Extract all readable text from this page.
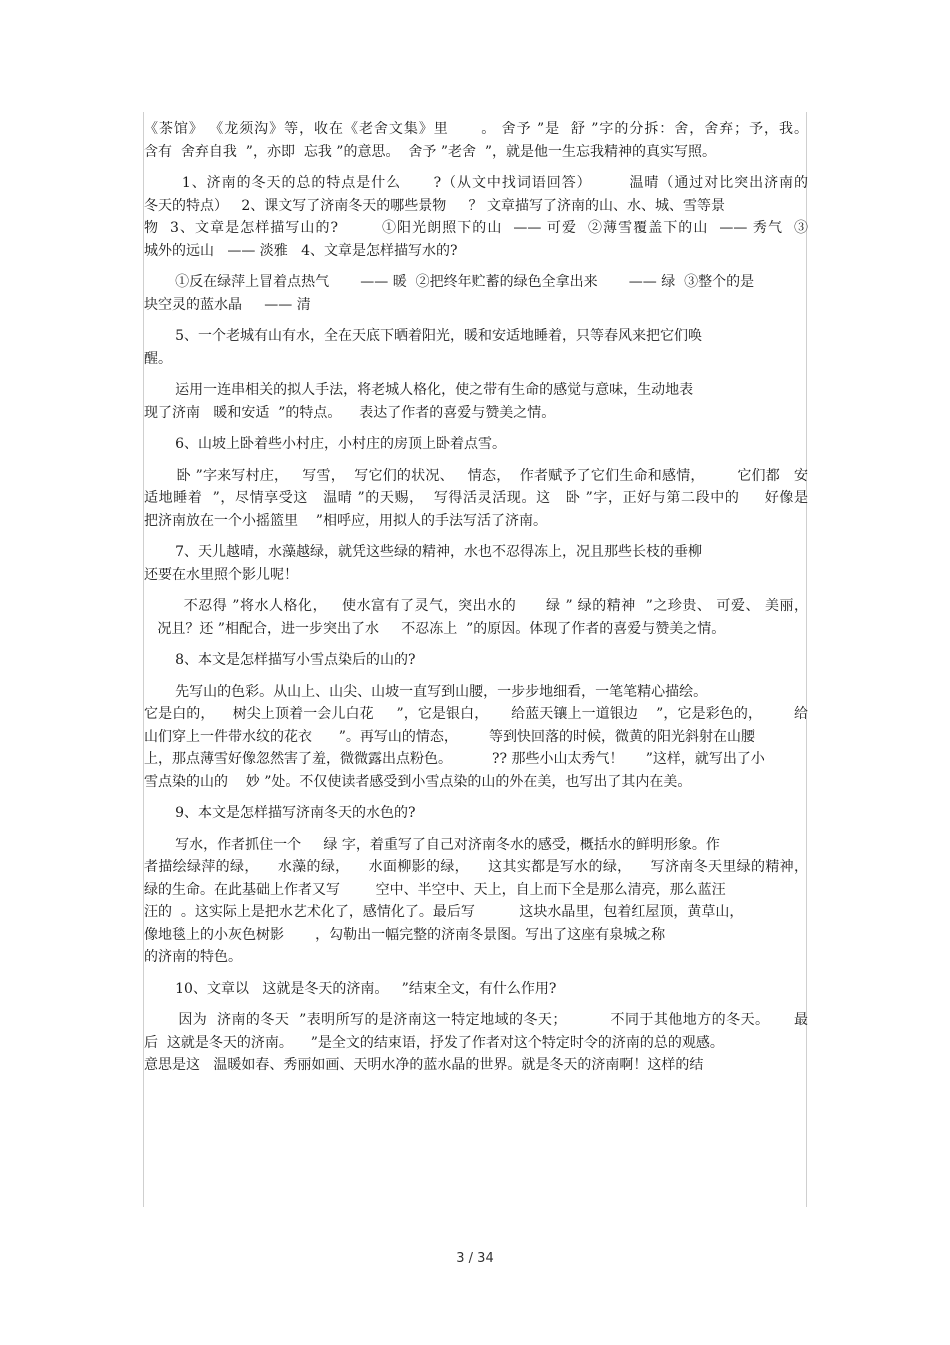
《茶馆》 《龙须沟》等，收在《老舍文集》里      。 舍予 ”是  舒 ”字的分拆：舍，舍弃；予，我。
含有  舍弃自我  ”，亦即  忘我 ”的意思。  舍予 ”老舍  ”，就是他一生忘我精神的真实写照。
1、济南的冬天的总的特点是什么      ?（从文中找词语回答）       温晴（通过对比突出济南的
冬天的特点）   2、课文写了济南冬天的哪些景物     ？ 文章描写了济南的山、水、城、雪等景
物  3、文章是怎样描写山的?        ①阳光朗照下的山  —— 可爱  ②薄雪覆盖下的山  —— 秀气  ③
城外的远山   —— 淡雅   4、文章是怎样描写水的?
①反在绿萍上冒着点热气       —— 暖  ②把终年贮蓄的绿色全拿出来       —— 绿  ③整个的是
块空灵的蓝水晶     —— 清
5、一个老城有山有水，全在天底下晒着阳光，暖和安适地睡着，只等春风来把它们唤
醒。
运用一连串相关的拟人手法，将老城人格化，使之带有生命的感觉与意味，生动地表
现了济南   暖和安适  ”的特点。    表达了作者的喜爱与赞美之情。
6、山坡上卧着些小村庄，小村庄的房顶上卧着点雪。
卧 ”字来写村庄，   写雪，  写它们的状况、   情态，  作者赋予了它们生命和感情，       它们都   安
适地睡着  ”，尽情享受这   温晴 ”的天赐，  写得活灵活现。这   卧 ”字，正好与第二段中的     好像是
把济南放在一个小摇篮里    ”相呼应，用拟人的手法写活了济南。
7、天儿越晴，水藻越绿，就凭这些绿的精神，水也不忍得冻上，况且那些长枝的垂柳
还要在水里照个影儿呢！
不忍得 ”将水人格化，   使水富有了灵气，突出水的      绿 ” 绿的精神  ”之珍贵、 可爱、 美丽，
况且？还 ”相配合，进一步突出了水     不忍冻上  ”的原因。体现了作者的喜爱与赞美之情。
8、本文是怎样描写小雪点染后的山的?
先写山的色彩。从山上、山尖、山坡一直写到山腰，一步步地细看，一笔笔精心描绘。
它是白的，    树尖上顶着一会儿白花     ”，它是银白，     给蓝天镶上一道银边    ”，它是彩色的，       给
山们穿上一件带水纹的花衣      ”。再写山的情态，       等到快回落的时候，微黄的阳光斜射在山腰
上，那点薄雪好像忽然害了羞，微微露出点粉色。         ?? 那些小山太秀气！     ”这样，就写出了小
雪点染的山的    妙 ”处。不仅使读者感受到小雪点染的山的外在美，也写出了其内在美。
9、本文是怎样描写济南冬天的水色的?
写水，作者抓住一个     绿 字，着重写了自己对济南冬水的感受，概括水的鲜明形象。作
者描绘绿萍的绿，    水藻的绿，    水面柳影的绿，    这其实都是写水的绿，    写济南冬天里绿的精神，
绿的生命。在此基础上作者又写        空中、半空中、天上，自上而下全是那么清亮，那么蓝汪
汪的  。这实际上是把水艺术化了，感情化了。最后写          这块水晶里，包着红屋顶，黄草山，
像地毯上的小灰色树影       ，勾勒出一幅完整的济南冬景图。写出了这座有泉城之称
的济南的特色。
10、文章以   这就是冬天的济南。   ”结束全文，有什么作用?
因为  济南的冬天  ”表明所写的是济南这一特定地域的冬天；         不同于其他地方的冬天。     最
后  这就是冬天的济南。    ”是全文的结束语，抒发了作者对这个特定时令的济南的总的观感。
意思是这   温暖如春、秀丽如画、天明水净的蓝水晶的世界。就是冬天的济南啊！这样的结
3 / 34
